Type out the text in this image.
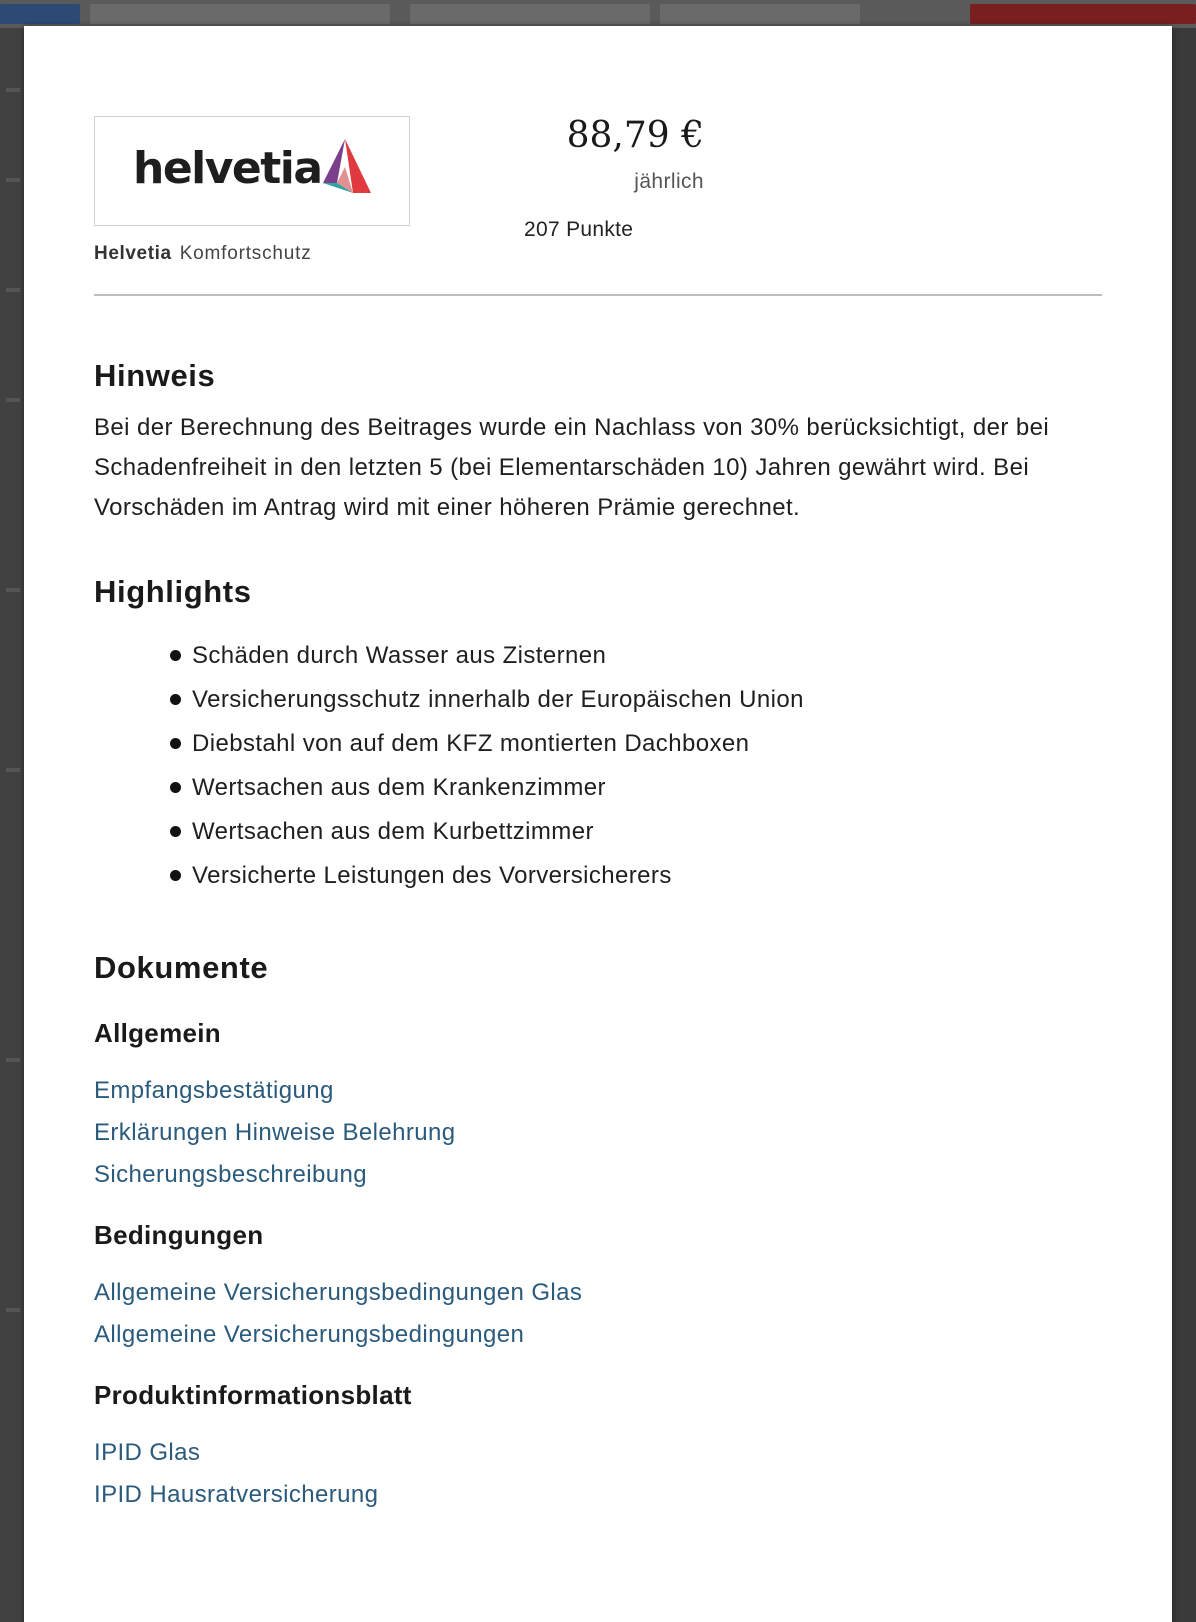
helvetia
Helvetia Komfortschutz
88,79 €
jährlich
207 Punkte
Hinweis

Bei der Berechnung des Beitrages wurde ein Nachlass von 30% berücksichtigt, der bei Schadenfreiheit in den letzten 5 (bei Elementarschäden 10) Jahren gewährt wird. Bei Vorschäden im Antrag wird mit einer höheren Prämie gerechnet.

Highlights
Schäden durch Wasser aus Zisternen
Versicherungsschutz innerhalb der Europäischen Union
Diebstahl von auf dem KFZ montierten Dachboxen
Wertsachen aus dem Krankenzimmer
Wertsachen aus dem Kurbettzimmer
Versicherte Leistungen des Vorversicherers
Dokumente
Allgemein
Empfangsbestätigung
Erklärungen Hinweise Belehrung
Sicherungsbeschreibung
Bedingungen
Allgemeine Versicherungsbedingungen Glas
Allgemeine Versicherungsbedingungen
Produktinformationsblatt
IPID Glas
IPID Hausratversicherung
